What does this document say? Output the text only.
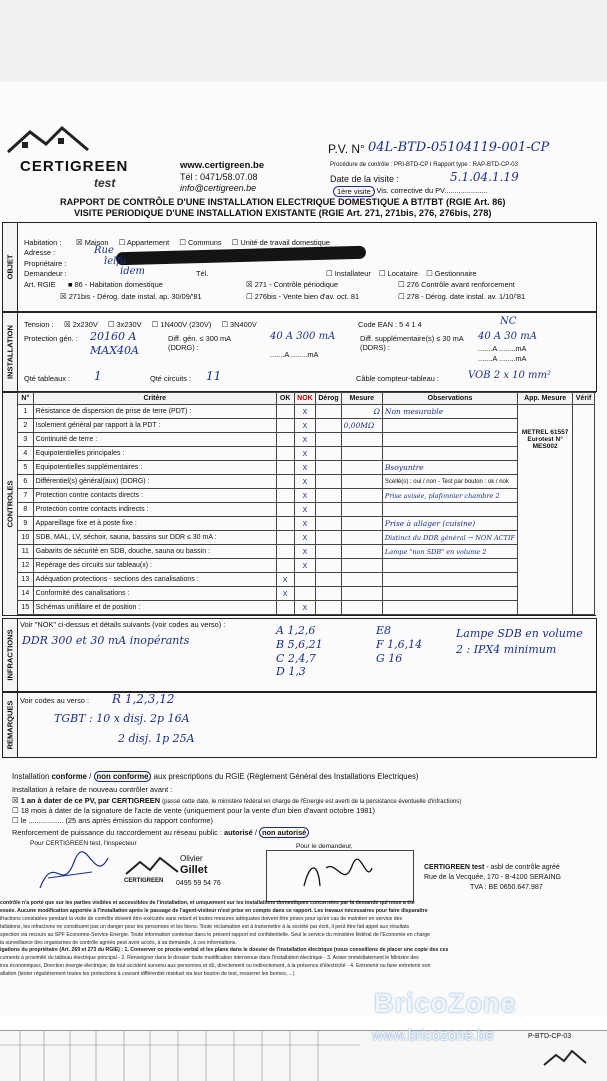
CERTIGREEN
test
www.certigreen.be
Tél : 0471/58.07.08
info@certigreen.be
P.V. N° 04L-BTD-05104119-001-CP
Procédure de contrôle : PRI-BTD-CP I Rapport type : RAP-BTD-CP-03
Date de la visite :	5.1.04.1.19
1ère visite - Vis. corrective du PV.....................
RAPPORT DE CONTRÔLE D'UNE INSTALLATION ELECTRIQUE DOMESTIQUE A BT/TBT (RGIE Art. 86)
VISITE PERIODIQUE D'UNE INSTALLATION EXISTANTE (RGIE Art. 271, 271bis, 276, 276bis, 278)
OBJET
Habitation : ☒ Maison ☐ Appartement ☐ Communs ☐ Unité de travail domestique
Adresse :	Rue
Propriétaire :	lelfu
Demandeur :	idem	Tél.	☐ Installateur ☐ Locataire ☐ Gestionnaire
Art. RGIE ■ 86 - Habitation domestique	☒ 271 - Contrôle périodique	☐ 276 Contrôle avant renforcement
☒ 271bis - Dérog. date instal. ap. 30/09/'81	☐ 276bis - Vente bien d'av. oct. 81	☐ 278 - Dérog. date instal. av. 1/10/'81
INSTALLATION
Tension : ☒ 2x230V ☐ 3x230V ☐ 1N400V (230V) ☐ 3N400V	Code EAN : 5 4 1 4	NC
Protection gén. : 20160 A
MAX40A
Diff. gén. ≤ 300 mA (DDRG) :
40 A 300 mA
.......A ........mA
Diff. supplémentaire(s) ≤ 30 mA (DDRS) :
40 A 30 mA
.......A ........mA
.......A ........mA
Qté tableaux : 1	Qté circuits : 11	Câble compteur-tableau :	VOB 2 x 10 mm²
CONTROLES
N°	Critère	OK	NOK	Dérog	Mesure	Observations	App. Mesure	Vérif
1	Résistance de dispersion de prise de terre (PDT) :		X		Ω	Non mesurable	METREL 61557 Eurotest N° MES002	
2	Isolement général par rapport à la PDT :		X		0,00MΩ			
3	Continuité de terre :		X					
4	Equipotentielles principales :		X					
5	Equipotentielles supplémentaires :		X			Bsoyuntre		
6	Différentiel(s) général(aux) (DDRG) :		X			Scellé(s) : oui / non - Test par bouton : ok / nok		
7	Protection contre contacts directs :		X			Prise avisée, plafonnier chambre 2		
8	Protection contre contacts indirects :		X					
9	Appareillage fixe et à poste fixe :		X			Prise à allager (cuisine)		
10	SDB, MAL, LV, séchoir, sauna, bassins sur DDR ≤ 30 mA :		X			Distinct du DDR général → NON ACTIF		
11	Gabarits de sécurité en SDB, douche, sauna ou bassin :		X			Lampe "non SDB" en volume 2		
12	Repérage des circuits sur tableau(x) :		X					
13	Adéquation protections - sections des canalisations :	X						
14	Conformité des canalisations :	X						
15	Schémas unifilaire et de position :		X					
INFRACTIONS
Voir "NOK" ci-dessus et détails suivants (voir codes au verso) :
DDR 300 et 30 mA inopérants
A 1,2,6
B 5,6,21
C 2,4,7
D 1,3
E8
F 1,6,14
G 16
Lampe SDB en volume 2 : IPX4 minimum
REMARQUES
Voir codes au verso : R 1,2,3,12
TGBT : 10 x disj. 2p 16A
2 disj. 1p 25A
Installation conforme / non conforme aux prescriptions du RGIE (Règlement Général des Installations Electriques)
Installation à refaire de nouveau contrôler avant :
☒ 1 an à dater de ce PV, par CERTIGREEN (passé cette date, le ministère fédéral en charge de l'Energie est averti de la persistance éventuelle d'infractions)
☐ 18 mois à dater de la signature de l'acte de vente (uniquement pour la vente d'un bien d'avant octobre 1981)
☐ le ................. (25 ans après émission du rapport conforme)
Renforcement de puissance du raccordement au réseau public : autorisé / non autorisé
Pour CERTIGREEN test, l'inspecteur
CERTIGREEN
Olivier
Gillet
0495 59 54 76
Pour le demandeur,
CERTIGREEN test - asbl de contrôle agréé
Rue de la Vecquée, 170 - B-4100 SERAING
TVA : BE 0650.647.987
contrôle n'a porté que sur les parties visibles et accessibles de l'installation, et uniquement sur les installations domestiques concernées par la demande qui nous a été
essée. Aucune modification apportée à l'installation après le passage de l'agent-visiteur n'est prise en compte dans ce rapport. Les travaux nécessaires pour faire disparaître
ifractions constatées pendant la visite de contrôle doivent être exécutés sans retard et toutes mesures adéquates doivent être prises pour qu'en cas de maintien en service des
tallations, les infractions ne constituent pas un danger pour les personnes et les biens. Toute réclamation est à transmettre à la société par écrit, il peut être fait appel aux résultats
spection via recours au SPF Economie-Service Energie. Toute information contenue dans le présent rapport est confidentielle. Seul le service du ministère fédéral de l'Economie en charge
la surveillance des organismes de contrôle agréés peut avoir accès, à sa demande, à ces informations.
igations du propriétaire (Art. 269 et 273 du RGIE) : 1. Conserver ce procès-verbal et les plans dans le dossier de l'installation électrique (nous conseillons de placer une copie des ces
cuments à proximité du tableau électrique principal - 2. Renseigner dans le dossier toute modification intervenue dans l'installation électrique - 3. Aviser immédiatement le Ministre des
ires économiques, Direction énergie électrique, de tout accident survenu aux personnes et dû, directement ou indirectement, à la présence d'électricité - 4. Entretenir ou faire entretenir son
allation (tester régulièrement toutes les protections à courant différentiel résiduel via leur bouton de test, resserrer les bornes, ...)
P-BTD-CP-03
BricoZone
www.bricozone.be
